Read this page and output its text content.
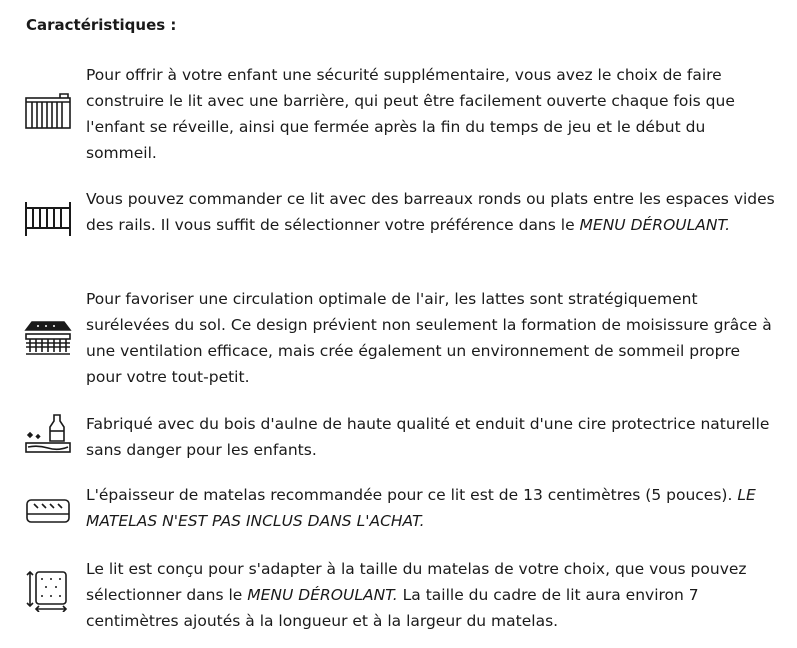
Caractéristiques :

Pour offrir à votre enfant une sécurité supplémentaire, vous avez le choix de faire construire le lit avec une barrière, qui peut être facilement ouverte chaque fois que l'enfant se réveille, ainsi que fermée après la fin du temps de jeu et le début du sommeil.

Vous pouvez commander ce lit avec des barreaux ronds ou plats entre les espaces vides des rails. Il vous suffit de sélectionner votre préférence dans le MENU DÉROULANT.

Pour favoriser une circulation optimale de l'air, les lattes sont stratégiquement surélevées du sol. Ce design prévient non seulement la formation de moisissure grâce à une ventilation efficace, mais crée également un environnement de sommeil propre pour votre tout-petit.

Fabriqué avec du bois d'aulne de haute qualité et enduit d'une cire protectrice naturelle sans danger pour les enfants.

L'épaisseur de matelas recommandée pour ce lit est de 13 centimètres (5 pouces). LE MATELAS N'EST PAS INCLUS DANS L'ACHAT.

Le lit est conçu pour s'adapter à la taille du matelas de votre choix, que vous pouvez sélectionner dans le MENU DÉROULANT. La taille du cadre de lit aura environ 7 centimètres ajoutés à la longueur et à la largeur du matelas.
